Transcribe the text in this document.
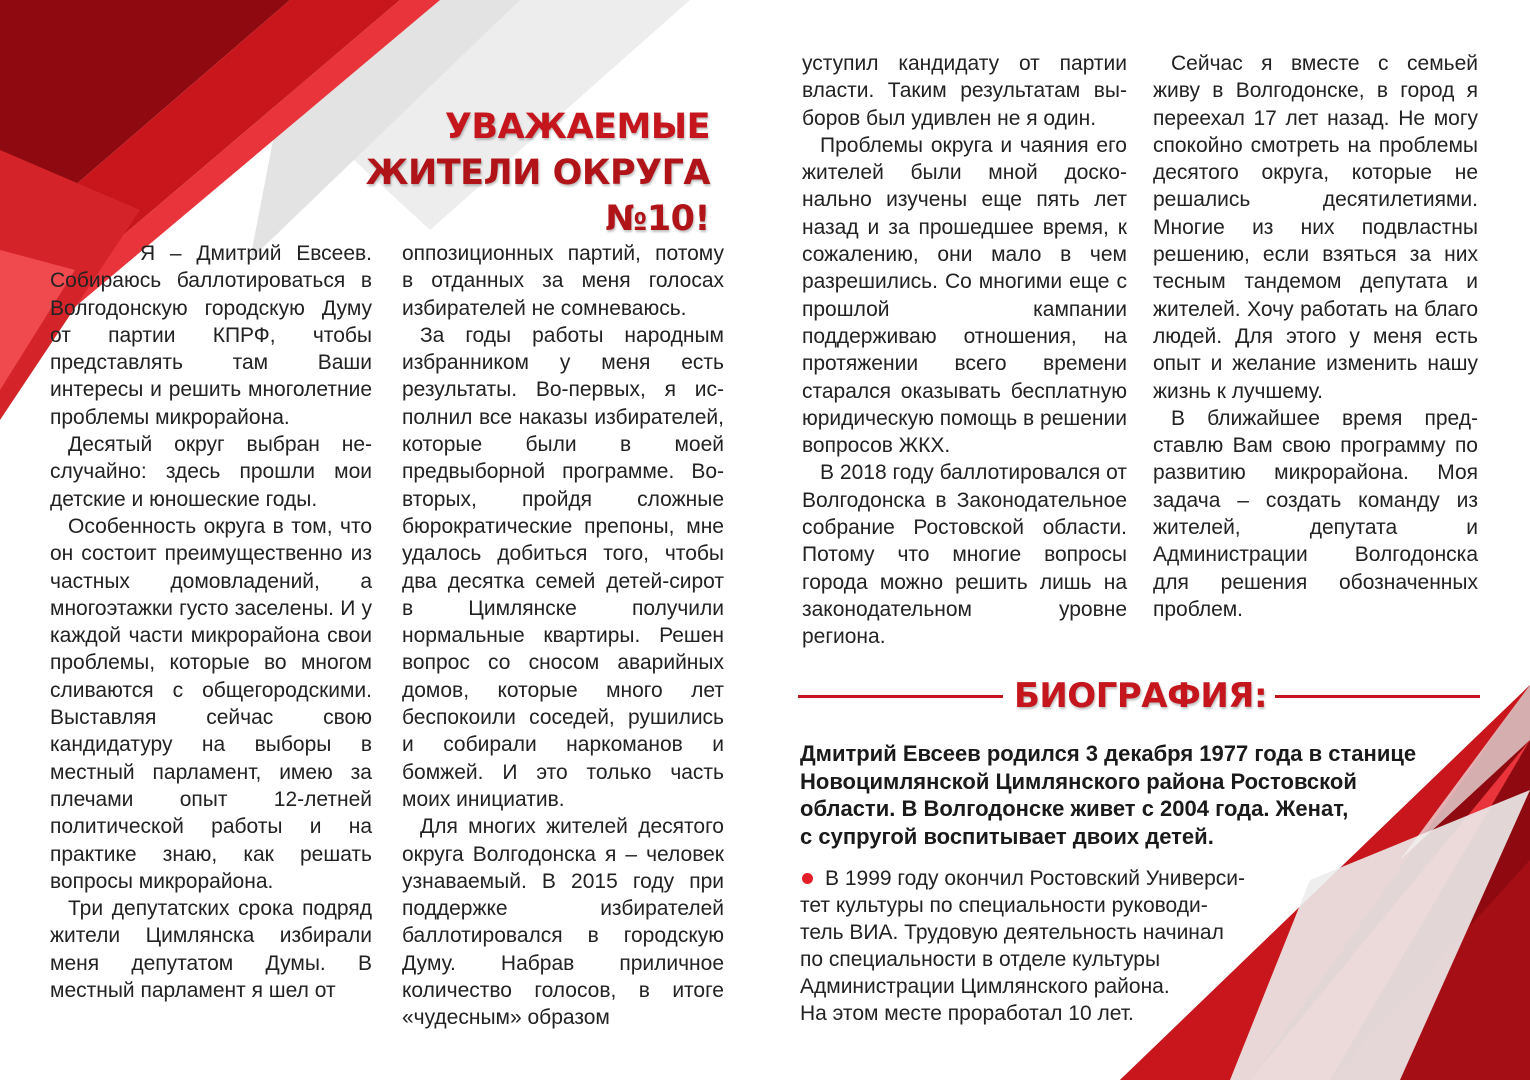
УВАЖАЕМЫЕ
ЖИТЕЛИ ОКРУГА №10!

Я – Дмитрий Евсеев. Собираюсь баллотироваться в Волгодонскую городскую Думу от партии КПРФ, чтобы представлять там Ваши интересы и решить многолетние проблемы микрорайона.

Десятый округ выбран неслучайно: здесь прошли мои детские и юношеские годы.

Особенность округа в том, что он состоит преимущественно из частных домовладений, а многоэтажки густо заселены. И у каждой части микрорайона свои проблемы, которые во многом сливаются с общегородскими. Выставляя сейчас свою кандидатуру на выборы в местный парламент, имею за плечами опыт 12-летней политической работы и на практике знаю, как решать вопросы микрорайона.

Три депутатских срока подряд жители Цимлянска избирали меня депутатом Думы. В местный парламент я шел от

оппозиционных партий, потому в отданных за меня голосах избирателей не сомневаюсь.

За годы работы народным избранником у меня есть результаты. Во-первых, я исполнил все наказы избирателей, которые были в моей предвыборной программе. Во-вторых, пройдя сложные бюрократические препоны, мне удалось добиться того, чтобы два десятка семей детей-сирот в Цимлянске получили нормальные квартиры. Решен вопрос со сносом аварийных домов, которые много лет беспокоили соседей, рушились и собирали наркоманов и бомжей. И это только часть моих инициатив.

Для многих жителей десятого округа Волгодонска я – человек узнаваемый. В 2015 году при поддержке избирателей баллотировался в городскую Думу. Набрав приличное количество голосов, в итоге «чудесным» образом

уступил кандидату от партии власти. Таким результатам выборов был удивлен не я один.

Проблемы округа и чаяния его жителей были мной досконально изучены еще пять лет назад и за прошедшее время, к сожалению, они мало в чем разрешились. Со многими еще с прошлой кампании поддерживаю отношения, на протяжении всего времени старался оказывать бесплатную юридическую помощь в решении вопросов ЖКХ.

В 2018 году баллотировался от Волгодонска в Законодательное собрание Ростовской области. Потому что многие вопросы города можно решить лишь на законодательном уровне региона.

Сейчас я вместе с семьей живу в Волгодонске, в город я переехал 17 лет назад. Не могу спокойно смотреть на проблемы десятого округа, которые не решались десятилетиями. Многие из них подвластны решению, если взяться за них тесным тандемом депутата и жителей. Хочу работать на благо людей. Для этого у меня есть опыт и желание изменить нашу жизнь к лучшему.

В ближайшее время представлю Вам свою программу по развитию микрорайона. Моя задача – создать команду из жителей, депутата и Администрации Волгодонска для решения обозначенных проблем.

БИОГРАФИЯ:
Дмитрий Евсеев родился 3 декабря 1977 года в станице
Новоцимлянской Цимлянского района Ростовской
области. В Волгодонске живет с 2004 года. Женат,
с супругой воспитывает двоих детей.
В 1999 году окончил Ростовский Универси-
тет культуры по специальности руководи-
тель ВИА. Трудовую деятельность начинал
по специальности в отделе культуры
Администрации Цимлянского района.
На этом месте проработал 10 лет.
